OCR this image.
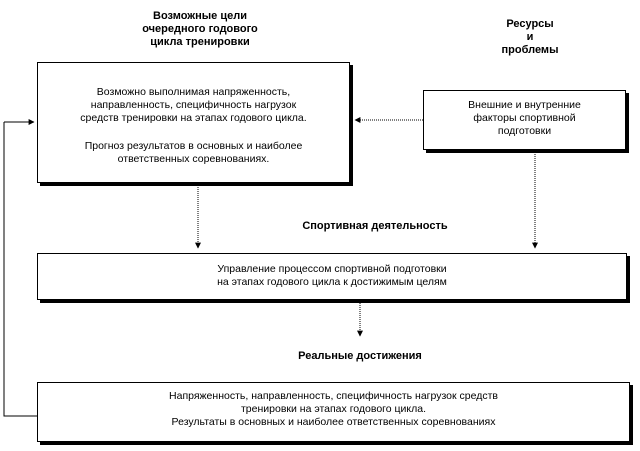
Возможные цели
очередного годового
цикла тренировки
Ресурсы
и
проблемы
Возможно выполнимая напряженность,
направленность, специфичность нагрузок
средств тренировки на этапах годового цикла.
Прогноз результатов в основных и наиболее
ответственных соревнованиях.
Внешние и внутренние
факторы спортивной
подготовки
Спортивная деятельность
Управление процессом спортивной подготовки
на этапах годового цикла к достижимым целям
Реальные достижения
Напряженность, направленность, специфичность нагрузок средств
тренировки на этапах годового цикла.
Результаты в основных и наиболее ответственных соревнованиях
